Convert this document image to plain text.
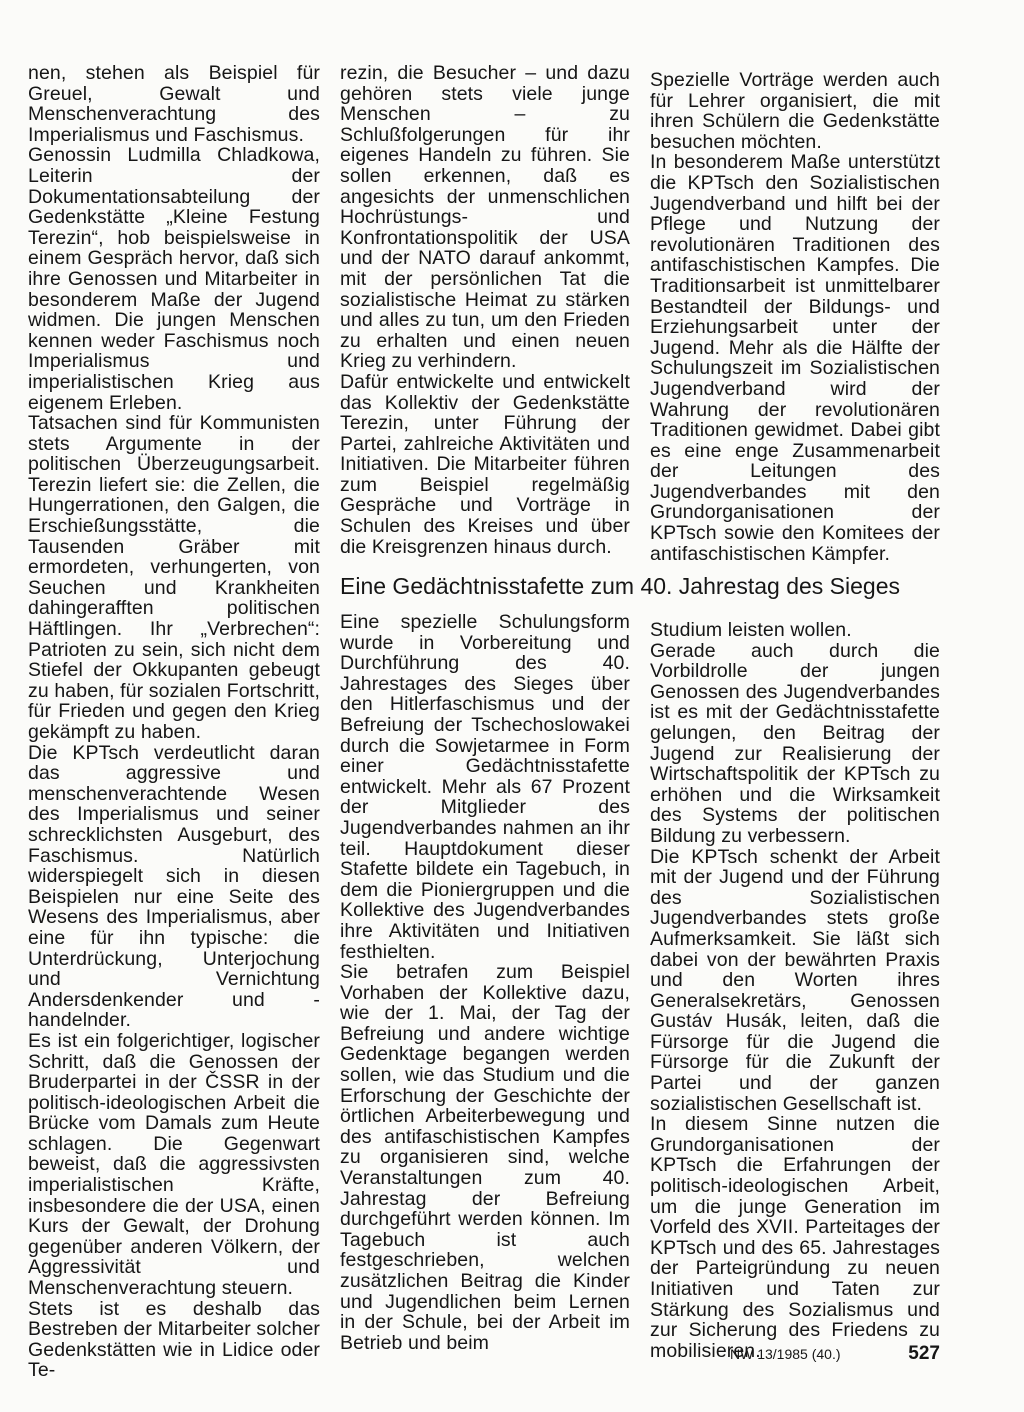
nen, stehen als Beispiel für Greuel, Gewalt und Menschenverachtung des Imperialismus und Faschismus.

Genossin Ludmilla Chladkowa, Leiterin der Dokumentationsabteilung der Gedenkstätte „Kleine Festung Terezin“, hob beispielsweise in einem Gespräch hervor, daß sich ihre Genossen und Mitarbeiter in besonderem Maße der Jugend widmen. Die jungen Menschen kennen weder Faschismus noch Imperialismus und imperialistischen Krieg aus eigenem Erleben.

Tatsachen sind für Kommunisten stets Argumente in der politischen Überzeugungsarbeit. Terezin liefert sie: die Zellen, die Hungerrationen, den Galgen, die Erschießungsstätte, die Tausenden Gräber mit ermordeten, verhungerten, von Seuchen und Krankheiten dahingerafften politischen Häftlingen. Ihr „Verbrechen“: Patrioten zu sein, sich nicht dem Stiefel der Okkupanten gebeugt zu haben, für sozialen Fortschritt, für Frieden und gegen den Krieg gekämpft zu haben.

Die KPTsch verdeutlicht daran das aggressive und menschenverachtende Wesen des Imperialismus und seiner schrecklichsten Ausgeburt, des Faschismus. Natürlich widerspiegelt sich in diesen Beispielen nur eine Seite des Wesens des Imperialismus, aber eine für ihn typische: die Unterdrückung, Unterjochung und Vernichtung Andersdenkender und -handelnder.

Es ist ein folgerichtiger, logischer Schritt, daß die Genossen der Bruderpartei in der ČSSR in der politisch-ideologischen Arbeit die Brücke vom Damals zum Heute schlagen. Die Gegenwart beweist, daß die aggressivsten imperialistischen Kräfte, insbesondere die der USA, einen Kurs der Gewalt, der Drohung gegenüber anderen Völkern, der Aggressivität und Menschenverachtung steuern.

Stets ist es deshalb das Bestreben der Mitarbeiter solcher Gedenkstätten wie in Lidice oder Te-

rezin, die Besucher – und dazu gehören stets viele junge Menschen – zu Schlußfolgerungen für ihr eigenes Handeln zu führen. Sie sollen erkennen, daß es angesichts der unmenschlichen Hochrüstungs- und Konfrontationspolitik der USA und der NATO darauf ankommt, mit der persönlichen Tat die sozialistische Heimat zu stärken und alles zu tun, um den Frieden zu erhalten und einen neuen Krieg zu verhindern.

Dafür entwickelte und entwickelt das Kollektiv der Gedenkstätte Terezin, unter Führung der Partei, zahlreiche Aktivitäten und Initiativen. Die Mitarbeiter führen zum Beispiel regelmäßig Gespräche und Vorträge in Schulen des Kreises und über die Kreisgrenzen hinaus durch.

Spezielle Vorträge werden auch für Lehrer organisiert, die mit ihren Schülern die Gedenkstätte besuchen möchten.

In besonderem Maße unterstützt die KPTsch den Sozialistischen Jugendverband und hilft bei der Pflege und Nutzung der revolutionären Traditionen des antifaschistischen Kampfes. Die Traditionsarbeit ist unmittelbarer Bestandteil der Bildungs- und Erziehungsarbeit unter der Jugend. Mehr als die Hälfte der Schulungszeit im Sozialistischen Jugendverband wird der Wahrung der revolutionären Traditionen gewidmet. Dabei gibt es eine enge Zusammenarbeit der Leitungen des Jugendverbandes mit den Grundorganisationen der KPTsch sowie den Komitees der antifaschistischen Kämpfer.

Eine Gedächtnisstafette zum 40. Jahrestag des Sieges

Eine spezielle Schulungsform wurde in Vorbereitung und Durchführung des 40. Jahrestages des Sieges über den Hitlerfaschismus und der Befreiung der Tschechoslowakei durch die Sowjetarmee in Form einer Gedächtnisstafette entwickelt. Mehr als 67 Prozent der Mitglieder des Jugendverbandes nahmen an ihr teil. Hauptdokument dieser Stafette bildete ein Tagebuch, in dem die Pioniergruppen und die Kollektive des Jugendverbandes ihre Aktivitäten und Initiativen festhielten.

Sie betrafen zum Beispiel Vorhaben der Kollektive dazu, wie der 1. Mai, der Tag der Befreiung und andere wichtige Gedenktage begangen werden sollen, wie das Studium und die Erforschung der Geschichte der örtlichen Arbeiterbewegung und des antifaschistischen Kampfes zu organisieren sind, welche Veranstaltungen zum 40. Jahrestag der Befreiung durchgeführt werden können. Im Tagebuch ist auch festgeschrieben, welchen zusätzlichen Beitrag die Kinder und Jugendlichen beim Lernen in der Schule, bei der Arbeit im Betrieb und beim

Studium leisten wollen.

Gerade auch durch die Vorbildrolle der jungen Genossen des Jugendverbandes ist es mit der Gedächtnisstafette gelungen, den Beitrag der Jugend zur Realisierung der Wirtschaftspolitik der KPTsch zu erhöhen und die Wirksamkeit des Systems der politischen Bildung zu verbessern.

Die KPTsch schenkt der Arbeit mit der Jugend und der Führung des Sozialistischen Jugendverbandes stets große Aufmerksamkeit. Sie läßt sich dabei von der bewährten Praxis und den Worten ihres Generalsekretärs, Genossen Gustáv Husák, leiten, daß die Fürsorge für die Jugend die Fürsorge für die Zukunft der Partei und der ganzen sozialistischen Gesellschaft ist.

In diesem Sinne nutzen die Grundorganisationen der KPTsch die Erfahrungen der politisch-ideologischen Arbeit, um die junge Generation im Vorfeld des XVII. Parteitages der KPTsch und des 65. Jahrestages der Parteigründung zu neuen Initiativen und Taten zur Stärkung des Sozialismus und zur Sicherung des Friedens zu mobilisieren.

NW 13/1985 (40.)	527
